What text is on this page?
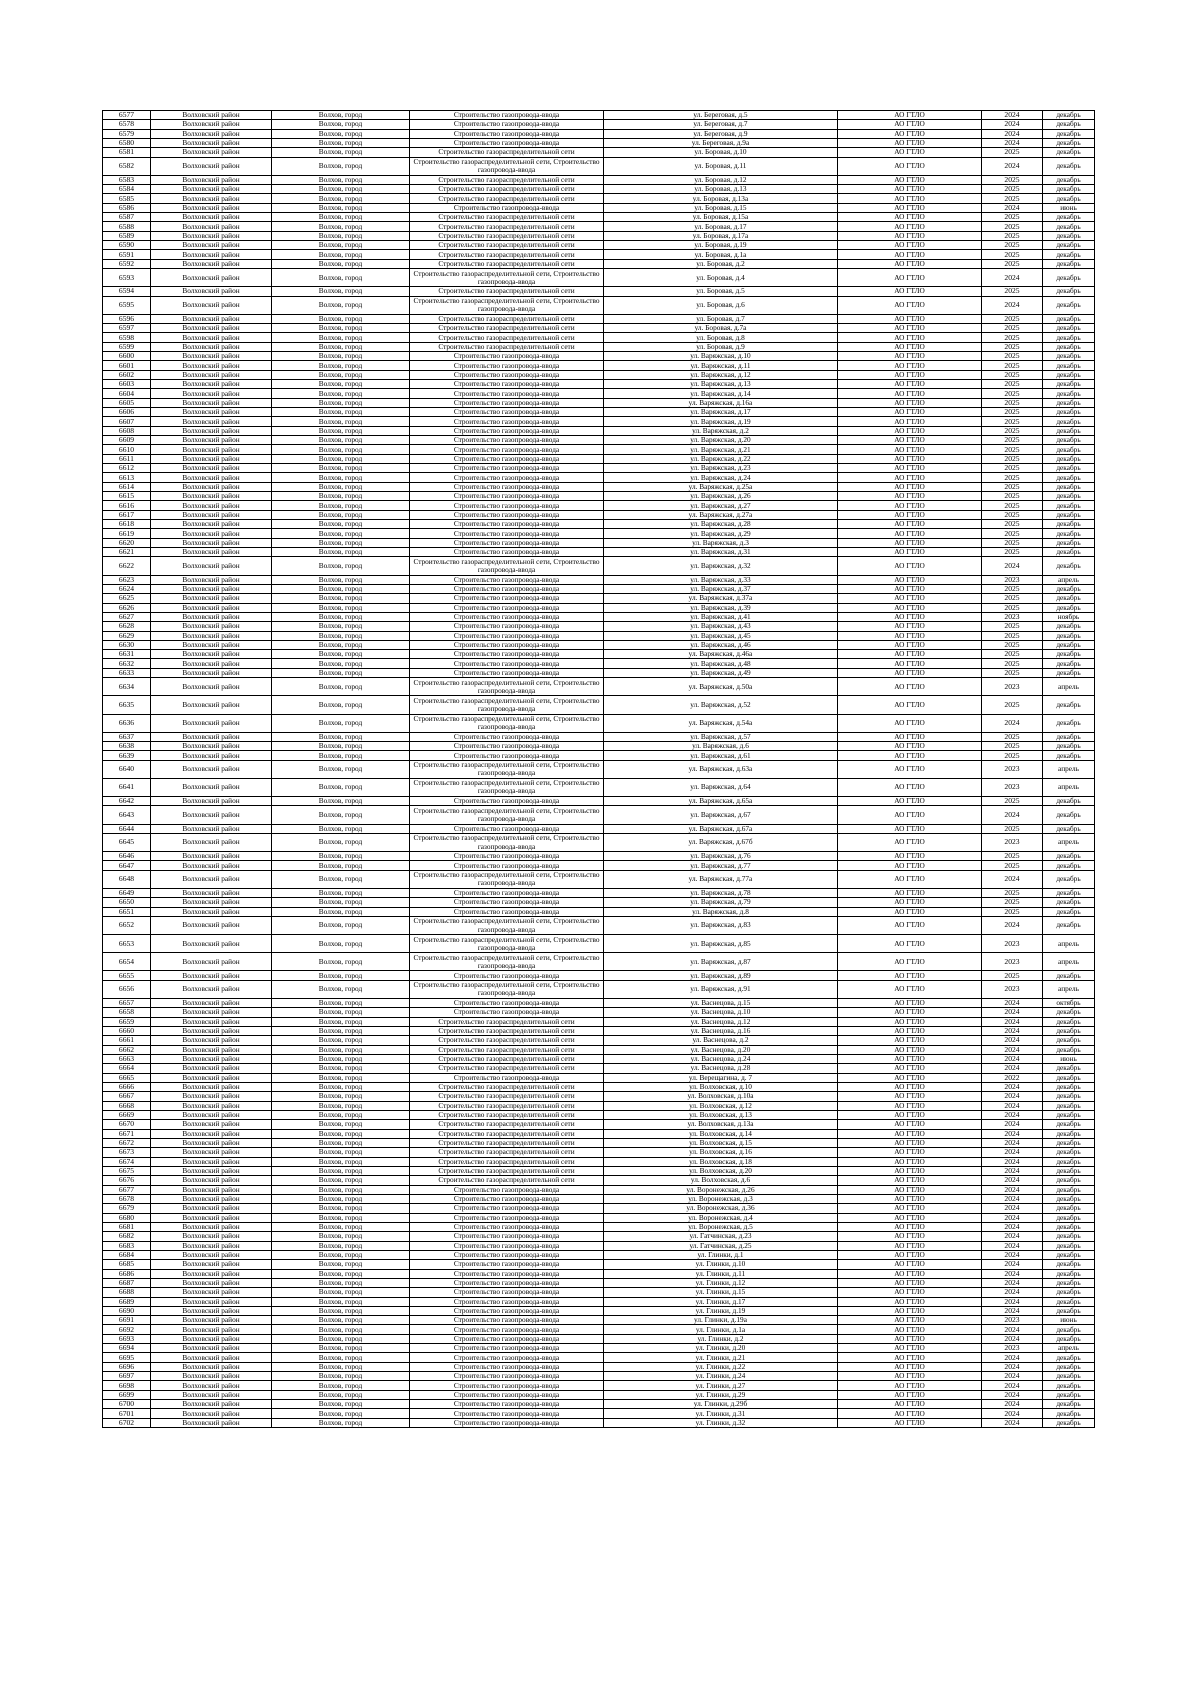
6577	Волховский район	Волхов, город	Строительство газопровода-ввода	ул. Береговая, д.5	АО ГТЛО	2024	декабрь
6578	Волховский район	Волхов, город	Строительство газопровода-ввода	ул. Береговая, д.7	АО ГТЛО	2024	декабрь
6579	Волховский район	Волхов, город	Строительство газопровода-ввода	ул. Береговая, д.9	АО ГТЛО	2024	декабрь
6580	Волховский район	Волхов, город	Строительство газопровода-ввода	ул. Береговая, д.9а	АО ГТЛО	2024	декабрь
6581	Волховский район	Волхов, город	Строительство газораспределительной сети	ул. Боровая, д.10	АО ГТЛО	2025	декабрь
6582	Волховский район	Волхов, город	Строительство газораспределительной сети, Строительство газопровода-ввода	ул. Боровая, д.11	АО ГТЛО	2024	декабрь
6583	Волховский район	Волхов, город	Строительство газораспределительной сети	ул. Боровая, д.12	АО ГТЛО	2025	декабрь
6584	Волховский район	Волхов, город	Строительство газораспределительной сети	ул. Боровая, д.13	АО ГТЛО	2025	декабрь
6585	Волховский район	Волхов, город	Строительство газораспределительной сети	ул. Боровая, д.13а	АО ГТЛО	2025	декабрь
6586	Волховский район	Волхов, город	Строительство газопровода-ввода	ул. Боровая, д.15	АО ГТЛО	2024	июнь
6587	Волховский район	Волхов, город	Строительство газораспределительной сети	ул. Боровая, д.15а	АО ГТЛО	2025	декабрь
6588	Волховский район	Волхов, город	Строительство газораспределительной сети	ул. Боровая, д.17	АО ГТЛО	2025	декабрь
6589	Волховский район	Волхов, город	Строительство газораспределительной сети	ул. Боровая, д.17а	АО ГТЛО	2025	декабрь
6590	Волховский район	Волхов, город	Строительство газораспределительной сети	ул. Боровая, д.19	АО ГТЛО	2025	декабрь
6591	Волховский район	Волхов, город	Строительство газораспределительной сети	ул. Боровая, д.1а	АО ГТЛО	2025	декабрь
6592	Волховский район	Волхов, город	Строительство газораспределительной сети	ул. Боровая, д.2	АО ГТЛО	2025	декабрь
6593	Волховский район	Волхов, город	Строительство газораспределительной сети, Строительство газопровода-ввода	ул. Боровая, д.4	АО ГТЛО	2024	декабрь
6594	Волховский район	Волхов, город	Строительство газораспределительной сети	ул. Боровая, д.5	АО ГТЛО	2025	декабрь
6595	Волховский район	Волхов, город	Строительство газораспределительной сети, Строительство газопровода-ввода	ул. Боровая, д.6	АО ГТЛО	2024	декабрь
6596	Волховский район	Волхов, город	Строительство газораспределительной сети	ул. Боровая, д.7	АО ГТЛО	2025	декабрь
6597	Волховский район	Волхов, город	Строительство газораспределительной сети	ул. Боровая, д.7а	АО ГТЛО	2025	декабрь
6598	Волховский район	Волхов, город	Строительство газораспределительной сети	ул. Боровая, д.8	АО ГТЛО	2025	декабрь
6599	Волховский район	Волхов, город	Строительство газораспределительной сети	ул. Боровая, д.9	АО ГТЛО	2025	декабрь
6600	Волховский район	Волхов, город	Строительство газопровода-ввода	ул. Варяжская, д.10	АО ГТЛО	2025	декабрь
6601	Волховский район	Волхов, город	Строительство газопровода-ввода	ул. Варяжская, д.11	АО ГТЛО	2025	декабрь
6602	Волховский район	Волхов, город	Строительство газопровода-ввода	ул. Варяжская, д.12	АО ГТЛО	2025	декабрь
6603	Волховский район	Волхов, город	Строительство газопровода-ввода	ул. Варяжская, д.13	АО ГТЛО	2025	декабрь
6604	Волховский район	Волхов, город	Строительство газопровода-ввода	ул. Варяжская, д.14	АО ГТЛО	2025	декабрь
6605	Волховский район	Волхов, город	Строительство газопровода-ввода	ул. Варяжская, д.16а	АО ГТЛО	2025	декабрь
6606	Волховский район	Волхов, город	Строительство газопровода-ввода	ул. Варяжская, д.17	АО ГТЛО	2025	декабрь
6607	Волховский район	Волхов, город	Строительство газопровода-ввода	ул. Варяжская, д.19	АО ГТЛО	2025	декабрь
6608	Волховский район	Волхов, город	Строительство газопровода-ввода	ул. Варяжская, д.2	АО ГТЛО	2025	декабрь
6609	Волховский район	Волхов, город	Строительство газопровода-ввода	ул. Варяжская, д.20	АО ГТЛО	2025	декабрь
6610	Волховский район	Волхов, город	Строительство газопровода-ввода	ул. Варяжская, д.21	АО ГТЛО	2025	декабрь
6611	Волховский район	Волхов, город	Строительство газопровода-ввода	ул. Варяжская, д.22	АО ГТЛО	2025	декабрь
6612	Волховский район	Волхов, город	Строительство газопровода-ввода	ул. Варяжская, д.23	АО ГТЛО	2025	декабрь
6613	Волховский район	Волхов, город	Строительство газопровода-ввода	ул. Варяжская, д.24	АО ГТЛО	2025	декабрь
6614	Волховский район	Волхов, город	Строительство газопровода-ввода	ул. Варяжская, д.25а	АО ГТЛО	2025	декабрь
6615	Волховский район	Волхов, город	Строительство газопровода-ввода	ул. Варяжская, д.26	АО ГТЛО	2025	декабрь
6616	Волховский район	Волхов, город	Строительство газопровода-ввода	ул. Варяжская, д.27	АО ГТЛО	2025	декабрь
6617	Волховский район	Волхов, город	Строительство газопровода-ввода	ул. Варяжская, д.27а	АО ГТЛО	2025	декабрь
6618	Волховский район	Волхов, город	Строительство газопровода-ввода	ул. Варяжская, д.28	АО ГТЛО	2025	декабрь
6619	Волховский район	Волхов, город	Строительство газопровода-ввода	ул. Варяжская, д.29	АО ГТЛО	2025	декабрь
6620	Волховский район	Волхов, город	Строительство газопровода-ввода	ул. Варяжская, д.3	АО ГТЛО	2025	декабрь
6621	Волховский район	Волхов, город	Строительство газопровода-ввода	ул. Варяжская, д.31	АО ГТЛО	2025	декабрь
6622	Волховский район	Волхов, город	Строительство газораспределительной сети, Строительство газопровода-ввода	ул. Варяжская, д.32	АО ГТЛО	2024	декабрь
6623	Волховский район	Волхов, город	Строительство газопровода-ввода	ул. Варяжская, д.33	АО ГТЛО	2023	апрель
6624	Волховский район	Волхов, город	Строительство газопровода-ввода	ул. Варяжская, д.37	АО ГТЛО	2025	декабрь
6625	Волховский район	Волхов, город	Строительство газопровода-ввода	ул. Варяжская, д.37а	АО ГТЛО	2025	декабрь
6626	Волховский район	Волхов, город	Строительство газопровода-ввода	ул. Варяжская, д.39	АО ГТЛО	2025	декабрь
6627	Волховский район	Волхов, город	Строительство газопровода-ввода	ул. Варяжская, д.41	АО ГТЛО	2023	ноябрь
6628	Волховский район	Волхов, город	Строительство газопровода-ввода	ул. Варяжская, д.43	АО ГТЛО	2025	декабрь
6629	Волховский район	Волхов, город	Строительство газопровода-ввода	ул. Варяжская, д.45	АО ГТЛО	2025	декабрь
6630	Волховский район	Волхов, город	Строительство газопровода-ввода	ул. Варяжская, д.46	АО ГТЛО	2025	декабрь
6631	Волховский район	Волхов, город	Строительство газопровода-ввода	ул. Варяжская, д.46а	АО ГТЛО	2025	декабрь
6632	Волховский район	Волхов, город	Строительство газопровода-ввода	ул. Варяжская, д.48	АО ГТЛО	2025	декабрь
6633	Волховский район	Волхов, город	Строительство газопровода-ввода	ул. Варяжская, д.49	АО ГТЛО	2025	декабрь
6634	Волховский район	Волхов, город	Строительство газораспределительной сети, Строительство газопровода-ввода	ул. Варяжская, д.50а	АО ГТЛО	2023	апрель
6635	Волховский район	Волхов, город	Строительство газораспределительной сети, Строительство газопровода-ввода	ул. Варяжская, д.52	АО ГТЛО	2025	декабрь
6636	Волховский район	Волхов, город	Строительство газораспределительной сети, Строительство газопровода-ввода	ул. Варяжская, д.54а	АО ГТЛО	2024	декабрь
6637	Волховский район	Волхов, город	Строительство газопровода-ввода	ул. Варяжская, д.57	АО ГТЛО	2025	декабрь
6638	Волховский район	Волхов, город	Строительство газопровода-ввода	ул. Варяжская, д.6	АО ГТЛО	2025	декабрь
6639	Волховский район	Волхов, город	Строительство газопровода-ввода	ул. Варяжская, д.61	АО ГТЛО	2025	декабрь
6640	Волховский район	Волхов, город	Строительство газораспределительной сети, Строительство газопровода-ввода	ул. Варяжская, д.63а	АО ГТЛО	2023	апрель
6641	Волховский район	Волхов, город	Строительство газораспределительной сети, Строительство газопровода-ввода	ул. Варяжская, д.64	АО ГТЛО	2023	апрель
6642	Волховский район	Волхов, город	Строительство газопровода-ввода	ул. Варяжская, д.65а	АО ГТЛО	2025	декабрь
6643	Волховский район	Волхов, город	Строительство газораспределительной сети, Строительство газопровода-ввода	ул. Варяжская, д.67	АО ГТЛО	2024	декабрь
6644	Волховский район	Волхов, город	Строительство газопровода-ввода	ул. Варяжская, д.67а	АО ГТЛО	2025	декабрь
6645	Волховский район	Волхов, город	Строительство газораспределительной сети, Строительство газопровода-ввода	ул. Варяжская, д.67б	АО ГТЛО	2023	апрель
6646	Волховский район	Волхов, город	Строительство газопровода-ввода	ул. Варяжская, д.76	АО ГТЛО	2025	декабрь
6647	Волховский район	Волхов, город	Строительство газопровода-ввода	ул. Варяжская, д.77	АО ГТЛО	2025	декабрь
6648	Волховский район	Волхов, город	Строительство газораспределительной сети, Строительство газопровода-ввода	ул. Варяжская, д.77а	АО ГТЛО	2024	декабрь
6649	Волховский район	Волхов, город	Строительство газопровода-ввода	ул. Варяжская, д.78	АО ГТЛО	2025	декабрь
6650	Волховский район	Волхов, город	Строительство газопровода-ввода	ул. Варяжская, д.79	АО ГТЛО	2025	декабрь
6651	Волховский район	Волхов, город	Строительство газопровода-ввода	ул. Варяжская, д.8	АО ГТЛО	2025	декабрь
6652	Волховский район	Волхов, город	Строительство газораспределительной сети, Строительство газопровода-ввода	ул. Варяжская, д.83	АО ГТЛО	2024	декабрь
6653	Волховский район	Волхов, город	Строительство газораспределительной сети, Строительство газопровода-ввода	ул. Варяжская, д.85	АО ГТЛО	2023	апрель
6654	Волховский район	Волхов, город	Строительство газораспределительной сети, Строительство газопровода-ввода	ул. Варяжская, д.87	АО ГТЛО	2023	апрель
6655	Волховский район	Волхов, город	Строительство газопровода-ввода	ул. Варяжская, д.89	АО ГТЛО	2025	декабрь
6656	Волховский район	Волхов, город	Строительство газораспределительной сети, Строительство газопровода-ввода	ул. Варяжская, д.91	АО ГТЛО	2023	апрель
6657	Волховский район	Волхов, город	Строительство газопровода-ввода	ул. Васнецова, д.15	АО ГТЛО	2024	октябрь
6658	Волховский район	Волхов, город	Строительство газопровода-ввода	ул. Васнецова, д.10	АО ГТЛО	2024	декабрь
6659	Волховский район	Волхов, город	Строительство газораспределительной сети	ул. Васнецова, д.12	АО ГТЛО	2024	декабрь
6660	Волховский район	Волхов, город	Строительство газораспределительной сети	ул. Васнецова, д.16	АО ГТЛО	2024	декабрь
6661	Волховский район	Волхов, город	Строительство газораспределительной сети	ул. Васнецова, д.2	АО ГТЛО	2024	декабрь
6662	Волховский район	Волхов, город	Строительство газораспределительной сети	ул. Васнецова, д.20	АО ГТЛО	2024	декабрь
6663	Волховский район	Волхов, город	Строительство газораспределительной сети	ул. Васнецова, д.24	АО ГТЛО	2024	июнь
6664	Волховский район	Волхов, город	Строительство газораспределительной сети	ул. Васнецова, д.28	АО ГТЛО	2024	декабрь
6665	Волховский район	Волхов, город	Строительство газопровода-ввода	ул. Верещагина, д. 7	АО ГТЛО	2022	декабрь
6666	Волховский район	Волхов, город	Строительство газораспределительной сети	ул. Волховская, д.10	АО ГТЛО	2024	декабрь
6667	Волховский район	Волхов, город	Строительство газораспределительной сети	ул. Волховская, д.10а	АО ГТЛО	2024	декабрь
6668	Волховский район	Волхов, город	Строительство газораспределительной сети	ул. Волховская, д.12	АО ГТЛО	2024	декабрь
6669	Волховский район	Волхов, город	Строительство газораспределительной сети	ул. Волховская, д.13	АО ГТЛО	2024	декабрь
6670	Волховский район	Волхов, город	Строительство газораспределительной сети	ул. Волховская, д.13а	АО ГТЛО	2024	декабрь
6671	Волховский район	Волхов, город	Строительство газораспределительной сети	ул. Волховская, д.14	АО ГТЛО	2024	декабрь
6672	Волховский район	Волхов, город	Строительство газораспределительной сети	ул. Волховская, д.15	АО ГТЛО	2024	декабрь
6673	Волховский район	Волхов, город	Строительство газораспределительной сети	ул. Волховская, д.16	АО ГТЛО	2024	декабрь
6674	Волховский район	Волхов, город	Строительство газораспределительной сети	ул. Волховская, д.18	АО ГТЛО	2024	декабрь
6675	Волховский район	Волхов, город	Строительство газораспределительной сети	ул. Волховская, д.20	АО ГТЛО	2024	декабрь
6676	Волховский район	Волхов, город	Строительство газораспределительной сети	ул. Волховская, д.6	АО ГТЛО	2024	декабрь
6677	Волховский район	Волхов, город	Строительство газопровода-ввода	ул. Воронежская, д.26	АО ГТЛО	2024	декабрь
6678	Волховский район	Волхов, город	Строительство газопровода-ввода	ул. Воронежская, д.3	АО ГТЛО	2024	декабрь
6679	Волховский район	Волхов, город	Строительство газопровода-ввода	ул. Воронежская, д.36	АО ГТЛО	2024	декабрь
6680	Волховский район	Волхов, город	Строительство газопровода-ввода	ул. Воронежская, д.4	АО ГТЛО	2024	декабрь
6681	Волховский район	Волхов, город	Строительство газопровода-ввода	ул. Воронежская, д.5	АО ГТЛО	2024	декабрь
6682	Волховский район	Волхов, город	Строительство газопровода-ввода	ул. Гатчинская, д.23	АО ГТЛО	2024	декабрь
6683	Волховский район	Волхов, город	Строительство газопровода-ввода	ул. Гатчинская, д.25	АО ГТЛО	2024	декабрь
6684	Волховский район	Волхов, город	Строительство газопровода-ввода	ул. Глинки, д.1	АО ГТЛО	2024	декабрь
6685	Волховский район	Волхов, город	Строительство газопровода-ввода	ул. Глинки, д.10	АО ГТЛО	2024	декабрь
6686	Волховский район	Волхов, город	Строительство газопровода-ввода	ул. Глинки, д.11	АО ГТЛО	2024	декабрь
6687	Волховский район	Волхов, город	Строительство газопровода-ввода	ул. Глинки, д.12	АО ГТЛО	2024	декабрь
6688	Волховский район	Волхов, город	Строительство газопровода-ввода	ул. Глинки, д.15	АО ГТЛО	2024	декабрь
6689	Волховский район	Волхов, город	Строительство газопровода-ввода	ул. Глинки, д.17	АО ГТЛО	2024	декабрь
6690	Волховский район	Волхов, город	Строительство газопровода-ввода	ул. Глинки, д.19	АО ГТЛО	2024	декабрь
6691	Волховский район	Волхов, город	Строительство газопровода-ввода	ул. Глинки, д.19а	АО ГТЛО	2023	июнь
6692	Волховский район	Волхов, город	Строительство газопровода-ввода	ул. Глинки, д.1а	АО ГТЛО	2024	декабрь
6693	Волховский район	Волхов, город	Строительство газопровода-ввода	ул. Глинки, д.2	АО ГТЛО	2024	декабрь
6694	Волховский район	Волхов, город	Строительство газопровода-ввода	ул. Глинки, д.20	АО ГТЛО	2023	апрель
6695	Волховский район	Волхов, город	Строительство газопровода-ввода	ул. Глинки, д.21	АО ГТЛО	2024	декабрь
6696	Волховский район	Волхов, город	Строительство газопровода-ввода	ул. Глинки, д.22	АО ГТЛО	2024	декабрь
6697	Волховский район	Волхов, город	Строительство газопровода-ввода	ул. Глинки, д.24	АО ГТЛО	2024	декабрь
6698	Волховский район	Волхов, город	Строительство газопровода-ввода	ул. Глинки, д.27	АО ГТЛО	2024	декабрь
6699	Волховский район	Волхов, город	Строительство газопровода-ввода	ул. Глинки, д.29	АО ГТЛО	2024	декабрь
6700	Волховский район	Волхов, город	Строительство газопровода-ввода	ул. Глинки, д.29б	АО ГТЛО	2024	декабрь
6701	Волховский район	Волхов, город	Строительство газопровода-ввода	ул. Глинки, д.31	АО ГТЛО	2024	декабрь
6702	Волховский район	Волхов, город	Строительство газопровода-ввода	ул. Глинки, д.32	АО ГТЛО	2024	декабрь
